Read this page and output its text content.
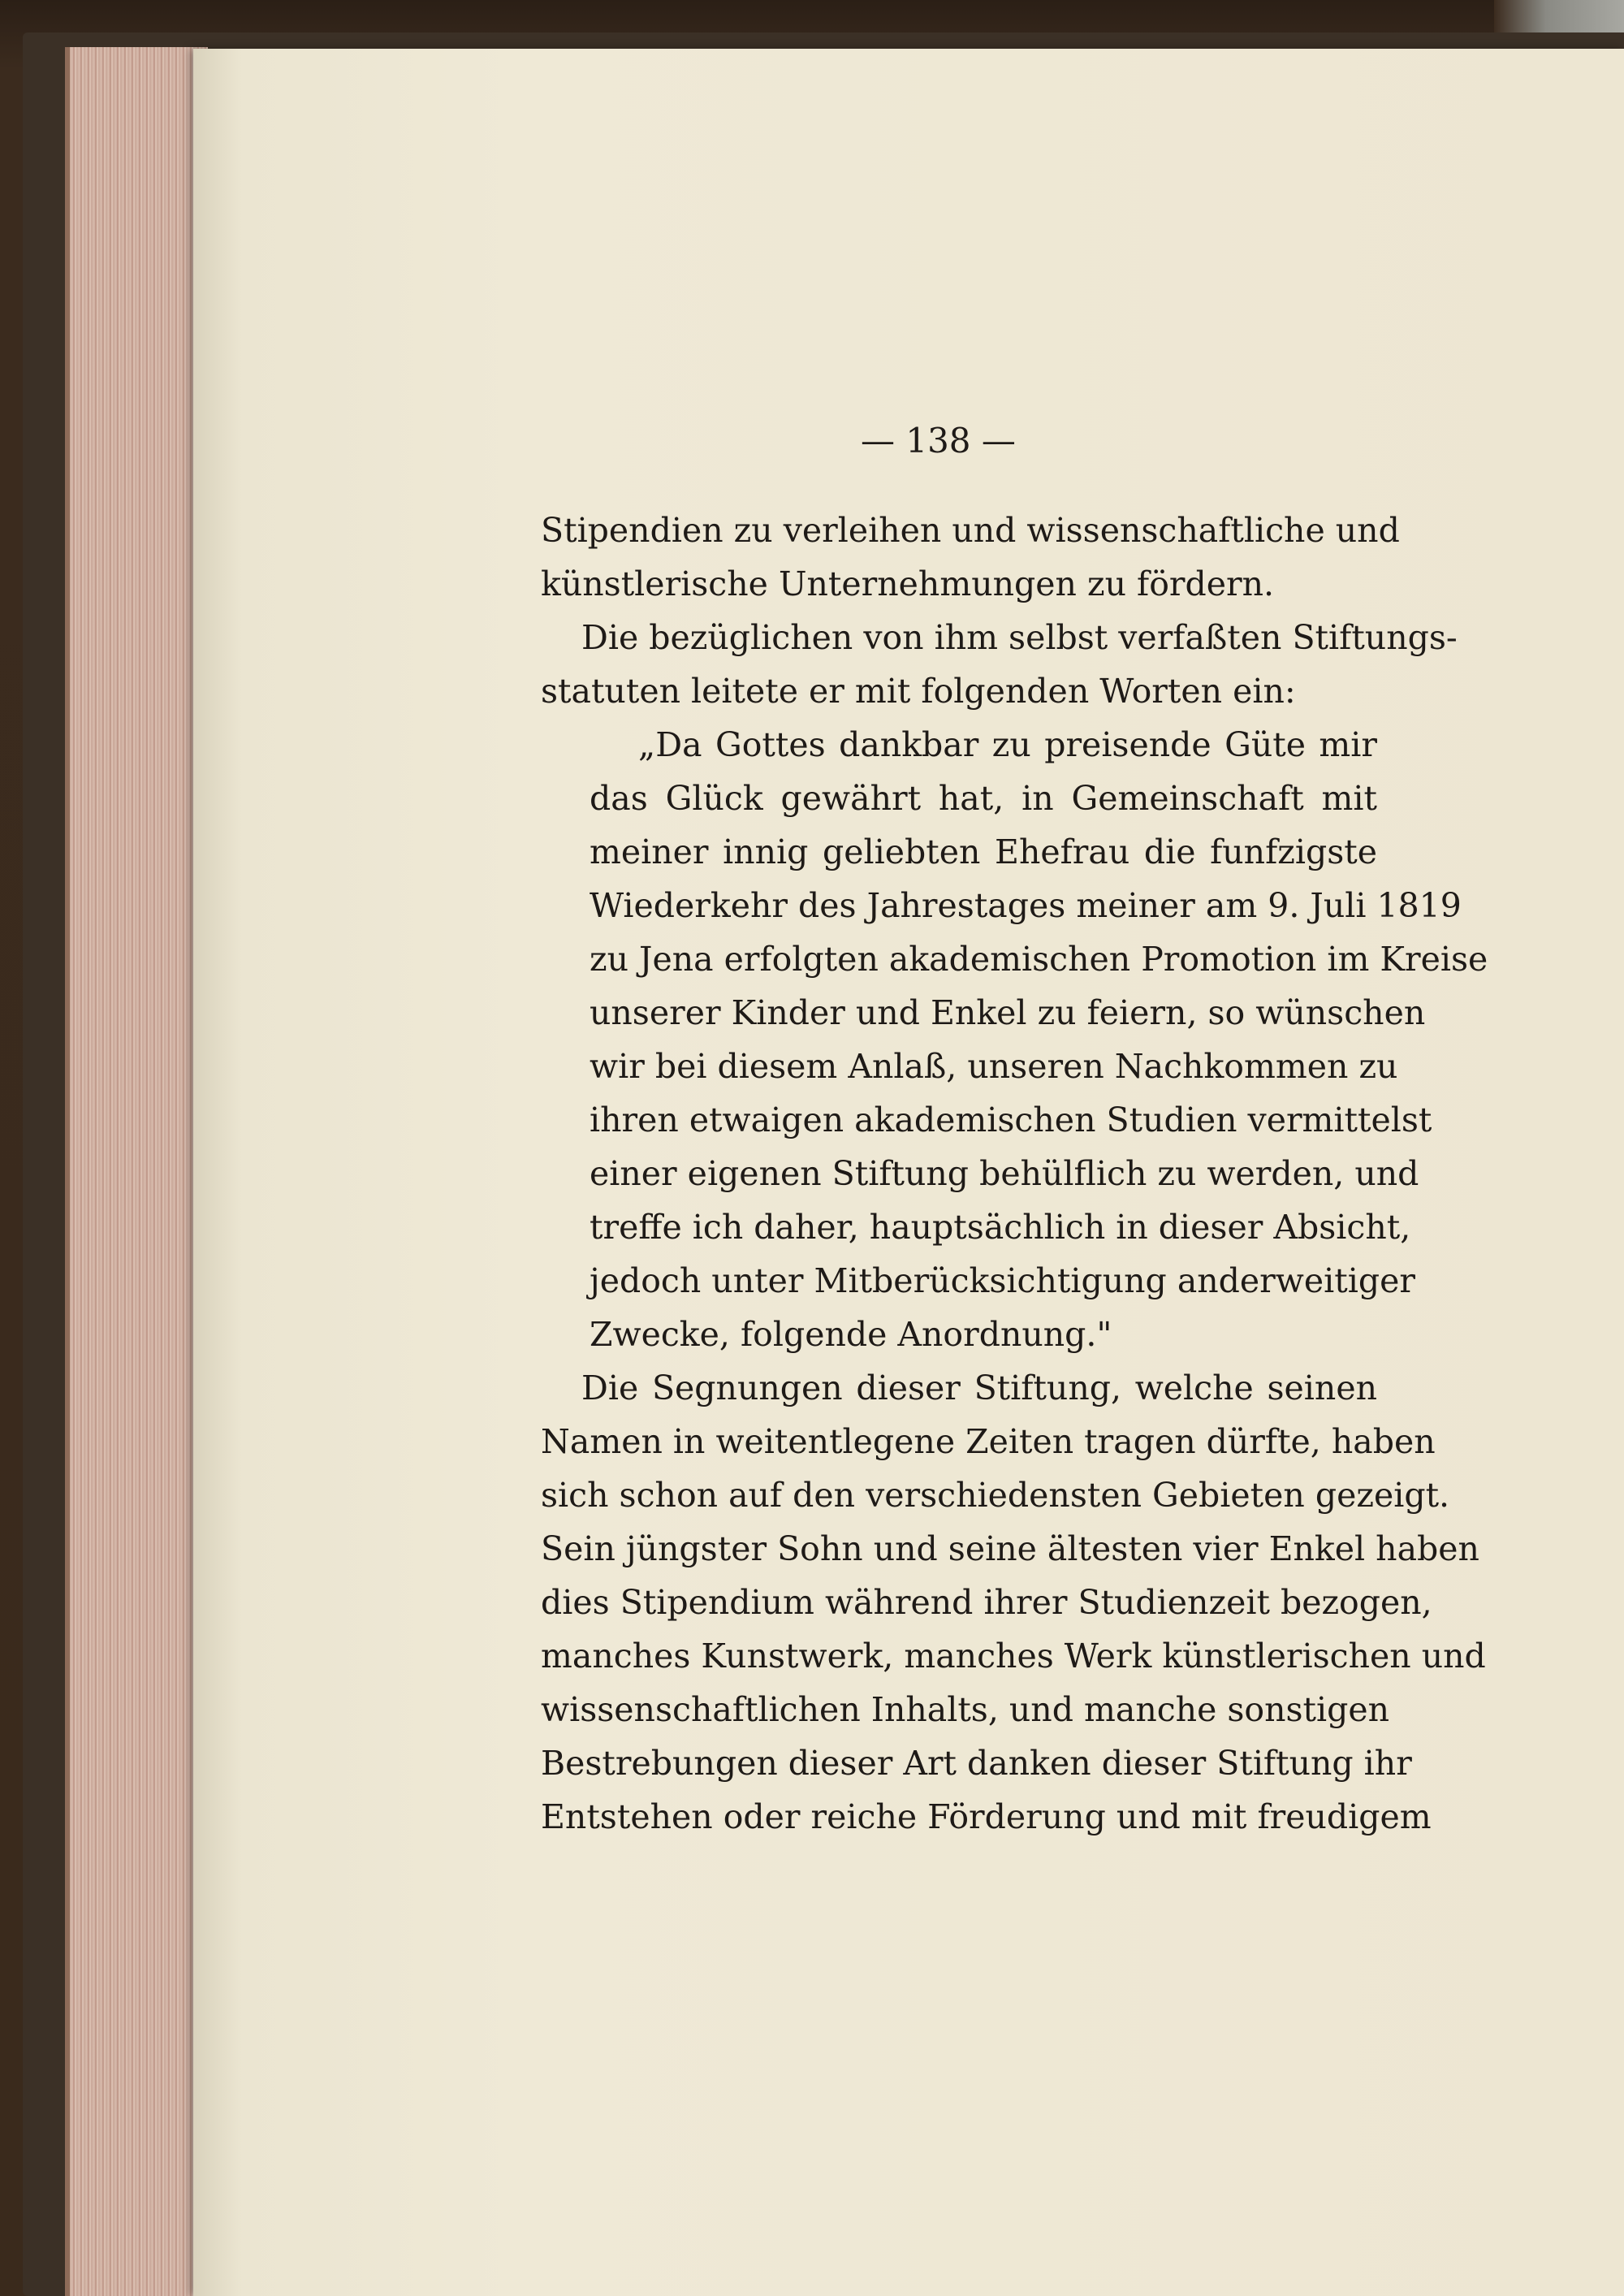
— 138 —
Stipendien zu verleihen und wissenschaftliche und
künstlerische Unternehmungen zu fördern.
Die bezüglichen von ihm selbst verfaßten Stiftungs-
statuten leitete er mit folgenden Worten ein:
„Da Gottes dankbar zu preisende Güte mir
das Glück gewährt hat, in Gemeinschaft mit
meiner innig geliebten Ehefrau die funfzigste
Wiederkehr des Jahrestages meiner am 9. Juli 1819
zu Jena erfolgten akademischen Promotion im Kreise
unserer Kinder und Enkel zu feiern, so wünschen
wir bei diesem Anlaß, unseren Nachkommen zu
ihren etwaigen akademischen Studien vermittelst
einer eigenen Stiftung behülflich zu werden, und
treffe ich daher, hauptsächlich in dieser Absicht,
jedoch unter Mitberücksichtigung anderweitiger
Zwecke, folgende Anordnung."
Die Segnungen dieser Stiftung, welche seinen
Namen in weitentlegene Zeiten tragen dürfte, haben
sich schon auf den verschiedensten Gebieten gezeigt.
Sein jüngster Sohn und seine ältesten vier Enkel haben
dies Stipendium während ihrer Studienzeit bezogen,
manches Kunstwerk, manches Werk künstlerischen und
wissenschaftlichen Inhalts, und manche sonstigen
Bestrebungen dieser Art danken dieser Stiftung ihr
Entstehen oder reiche Förderung und mit freudigem
